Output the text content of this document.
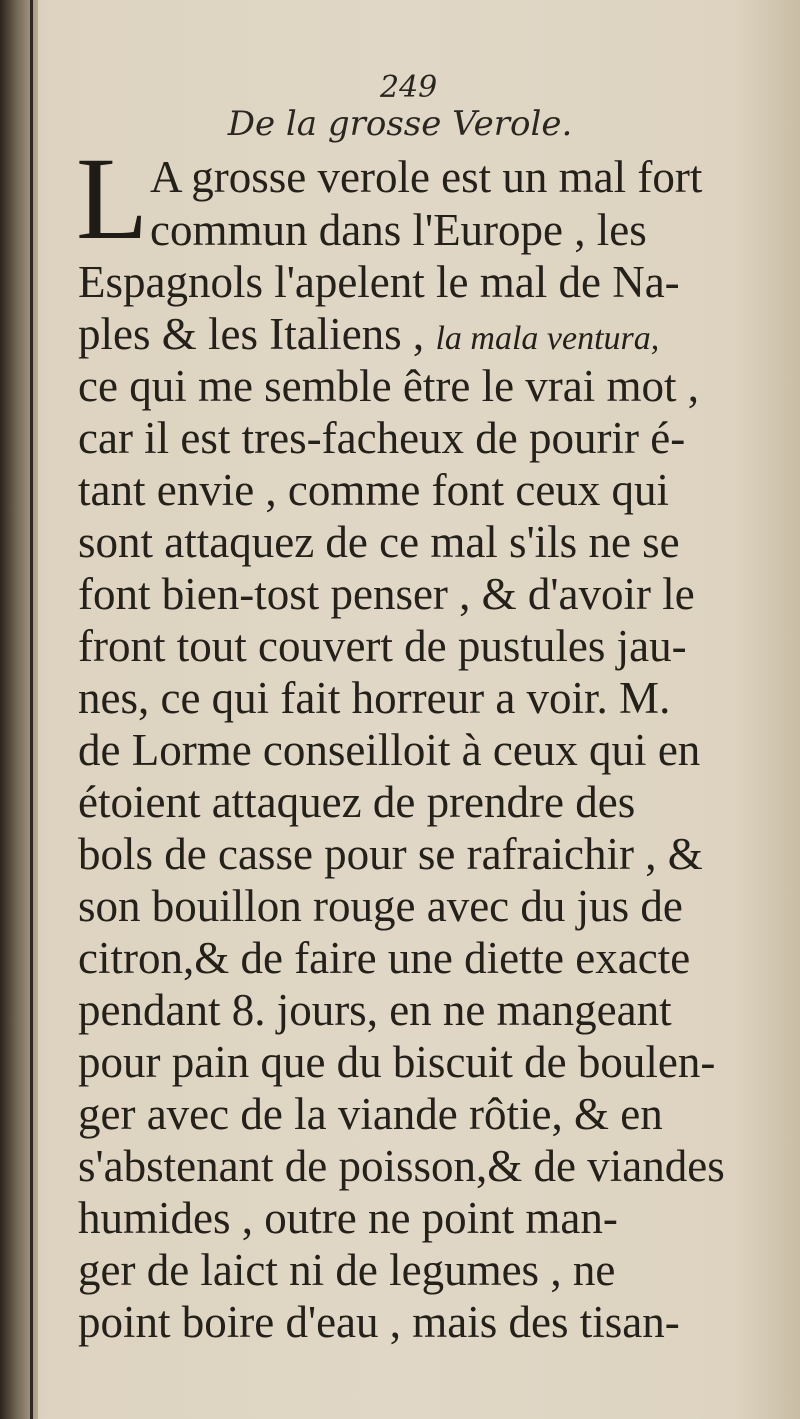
249
De la grosse Verole.
L A grosse verole est un mal fort
commun dans l'Europe , les
Espagnols l'apelent le mal de Na-
ples & les Italiens , la mala ventura,
ce qui me semble être le vrai mot ,
car il est tres-facheux de pourir é-
tant envie , comme font ceux qui
sont attaquez de ce mal s'ils ne se
font bien-tost penser , & d'avoir le
front tout couvert de pustules jau-
nes, ce qui fait horreur a voir. M.
de Lorme conseilloit à ceux qui en
étoient attaquez de prendre des
bols de casse pour se rafraichir , &
son bouillon rouge avec du jus de
citron,& de faire une diette exacte
pendant 8. jours, en ne mangeant
pour pain que du biscuit de boulen-
ger avec de la viande rôtie, & en
s'abstenant de poisson,& de viandes
humides , outre ne point man-
ger de laict ni de legumes , ne
point boire d'eau , mais des tisan-
